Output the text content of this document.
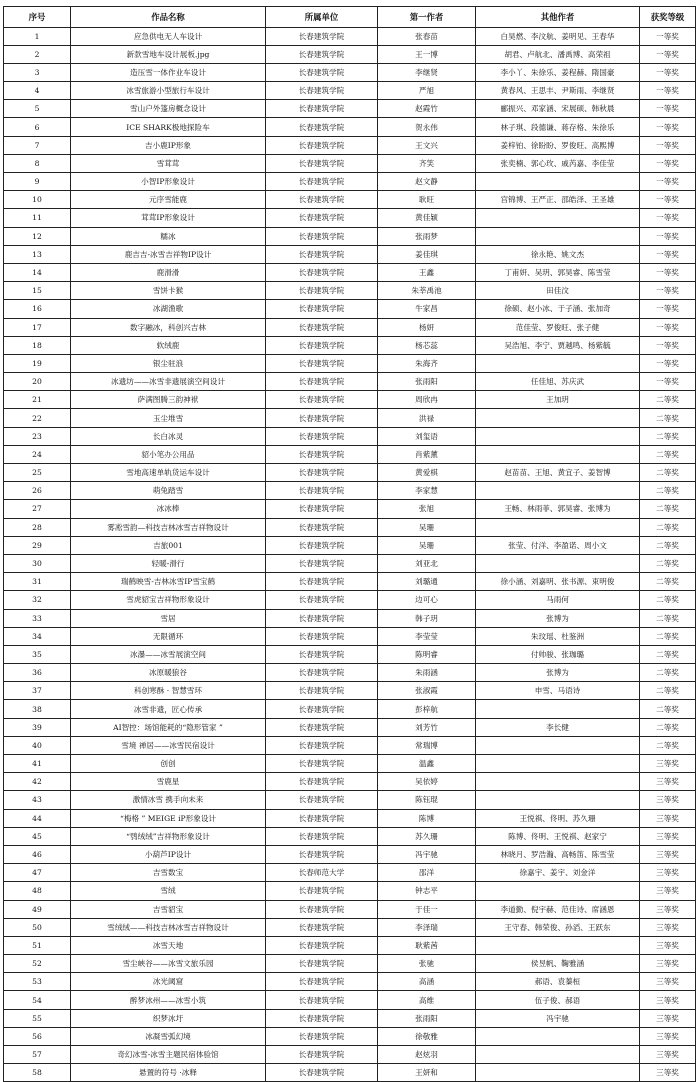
序号	作品名称	所属单位	第一作者	其他作者	获奖等级
1	应急供电无人车设计	长春建筑学院	张春苗	白昊燃、李汶航、姜明见、王春华	一等奖
2	新款雪地车设计展板.jpg	长春建筑学院	王一博	胡君、卢航北、潘禹博、高荣祖	一等奖
3	造压雪一体作业车设计	长春建筑学院	李继贤	李小丫、朱徐乐、姜程赫、隋国豪	一等奖
4	冰雪旅游小型旅行车设计	长春建筑学院	严旭	黄春风、王思丰、尹斯雨、李继贤	一等奖
5	雪山户外篷房概念设计	长春建筑学院	赵霞竹	郦振兴、邓家涵、宋展硕、韩秋晨	一等奖
6	ICE SHARK极地探险车	长春建筑学院	贺永伟	林子琪、段德谦、蒋存格、朱徐乐	一等奖
7	吉小鹿IP形象	长春建筑学院	王文兴	姜梓铂、徐盼盼、罗俊旺、高熙博	一等奖
8	雪茸茸	长春建筑学院	齐笑	张奕楠、郭心玫、戚芮嘉、李佳莹	一等奖
9	小智IP形象设计	长春建筑学院	赵文静		一等奖
10	元序雪能鹿	长春建筑学院	耿旺	宫锦博、王严正、邵皓泽、王圣雄	一等奖
11	茸茸IP形象设计	长春建筑学院	黄佳颖		一等奖
12	糯冰	长春建筑学院	张雨梦		一等奖
13	鹿吉吉-冰雪吉祥物IP设计	长春建筑学院	姜佳琪	徐永艳、姚文杰	一等奖
14	鹿滑滑	长春建筑学院	王鑫	丁甫妍、吴玥、郭昊睿、陈雪莹	一等奖
15	雪饼卡猴	长春建筑学院	朱莘禹池	田佳汶	一等奖
16	冰湖渔歌	长春建筑学院	牛家昌	徐硕、赵小冰、于子涵、张加奇	一等奖
17	数字融冰，科创兴吉林	长春建筑学院	杨妍	范佳莹、罗俊旺、张子健	一等奖
18	软绒鹿	长春建筑学院	杨芯蕊	吴浩旭、李宁、贾越鸣、杨紫毓	一等奖
19	银尘驻浪	长春建筑学院	朱海齐		一等奖
20	冰遗坊——冰雪非遗展演空间设计	长春建筑学院	张雨阳	任佳旭、苏庆武	一等奖
21	萨满图腾三韵神袱	长春建筑学院	周欣冉	王加玥	二等奖
22	玉尘堆雪	长春建筑学院	洪禄		二等奖
23	长白冰灵	长春建筑学院	刘玺语		二等奖
24	貂小笔办公用品	长春建筑学院	肖紫薰		二等奖
25	雪地高速单轨货运车设计	长春建筑学院	黄爱棋	赵苗苗、王旭、黄宜子、姜智博	二等奖
26	萌兔踏雪	长春建筑学院	李家慧		二等奖
27	冰冰棒	长春建筑学院	张旭	王畅、林雨菲、郭昊睿、张博为	二等奖
28	雾凇雪韵—科技吉林冰雪吉祥物设计	长春建筑学院	吴珊		二等奖
29	吉旅001	长春建筑学院	吴珊	张莹、付洋、李盈诺、周小文	二等奖
30	轻暖-滑行	长春建筑学院	刘亚北		二等奖
31	瑞鹤映雪-吉林冰雪IP雪宝鹤	长春建筑学院	刘璐通	徐小涵、刘嘉明、张书源、束明俊	二等奖
32	雪虎貂宝吉祥物形象设计	长春建筑学院	边可心	马雨何	二等奖
33	雪居	长春建筑学院	韩子玥	张博为	二等奖
34	无限循环	长春建筑学院	李莹莹	朱玟瑶、杜鉴洲	二等奖
35	冰瀑——冰雪展演空间	长春建筑学院	陈明睿	付帅骏、张珈璐	二等奖
36	冰原暖狼谷	长春建筑学院	朱雨涵	张博为	二等奖
37	科创寒酥 · 智慧雪环	长春建筑学院	张淑霞	申雪、马语诗	二等奖
38	冰雪非遗，匠心传承	长春建筑学院	彭梓航		二等奖
39	AI智控：场馆能耗的“隐形管家 ”	长春建筑学院	刘芳竹	李长健	二等奖
40	雪境 禅居——冰雪民宿设计	长春建筑学院	常瑞博		二等奖
41	创创	长春建筑学院	温鑫		三等奖
42	雪鹿星	长春建筑学院	吴依婷		三等奖
43	激情冰雪 携手向未来	长春建筑学院	陈钰琨		三等奖
44	“梅格 ” MEIGE iP形象设计	长春建筑学院	陈博	王悦祺、佟明、苏久珊	三等奖
45	“鸮绒绒”吉祥物形象设计	长春建筑学院	苏久珊	陈博、佟明、王悦祺、赵家宁	三等奖
46	小葫芦IP设计	长春建筑学院	冯宇驰	林晓月、罗浩瀚、高畅笛、陈雪莹	三等奖
47	吉雪数宝	长春师范大学	邵洋	徐嘉宇、姜宇、刘金洋	三等奖
48	雪绒	长春建筑学院	钟志平		三等奖
49	吉雪貂宝	长春建筑学院	于佳一	李道勤、倪宇赫、范佳诗、席涵恩	三等奖
50	雪绒绒——科技吉林冰雪吉祥物设计	长春建筑学院	李泽瑞	王守春、韩荣俊、孙滔、王跃东	三等奖
51	冰雪天地	长春建筑学院	耿紫茜		三等奖
52	雪尘峡谷——冰雪文旅乐园	长春建筑学院	张驰	侯昱帆、鞠雅涵	三等奖
53	冰光阈窟	长春建筑学院	高涵	郝语、袁蓁桓	三等奖
54	醉梦冰州——冰雪小筑	长春建筑学院	高维	伍子俊、郝语	三等奖
55	织梦冰圩	长春建筑学院	张雨阳	冯宇驰	三等奖
56	冰凝雪弧幻境	长春建筑学院	徐敬雅		三等奖
57	奇幻冰雪-冰雪主题民宿体验馆	长春建筑学院	赵炫羽		三等奖
58	悬置的符号 ·冰释	长春建筑学院	王妍和		三等奖
